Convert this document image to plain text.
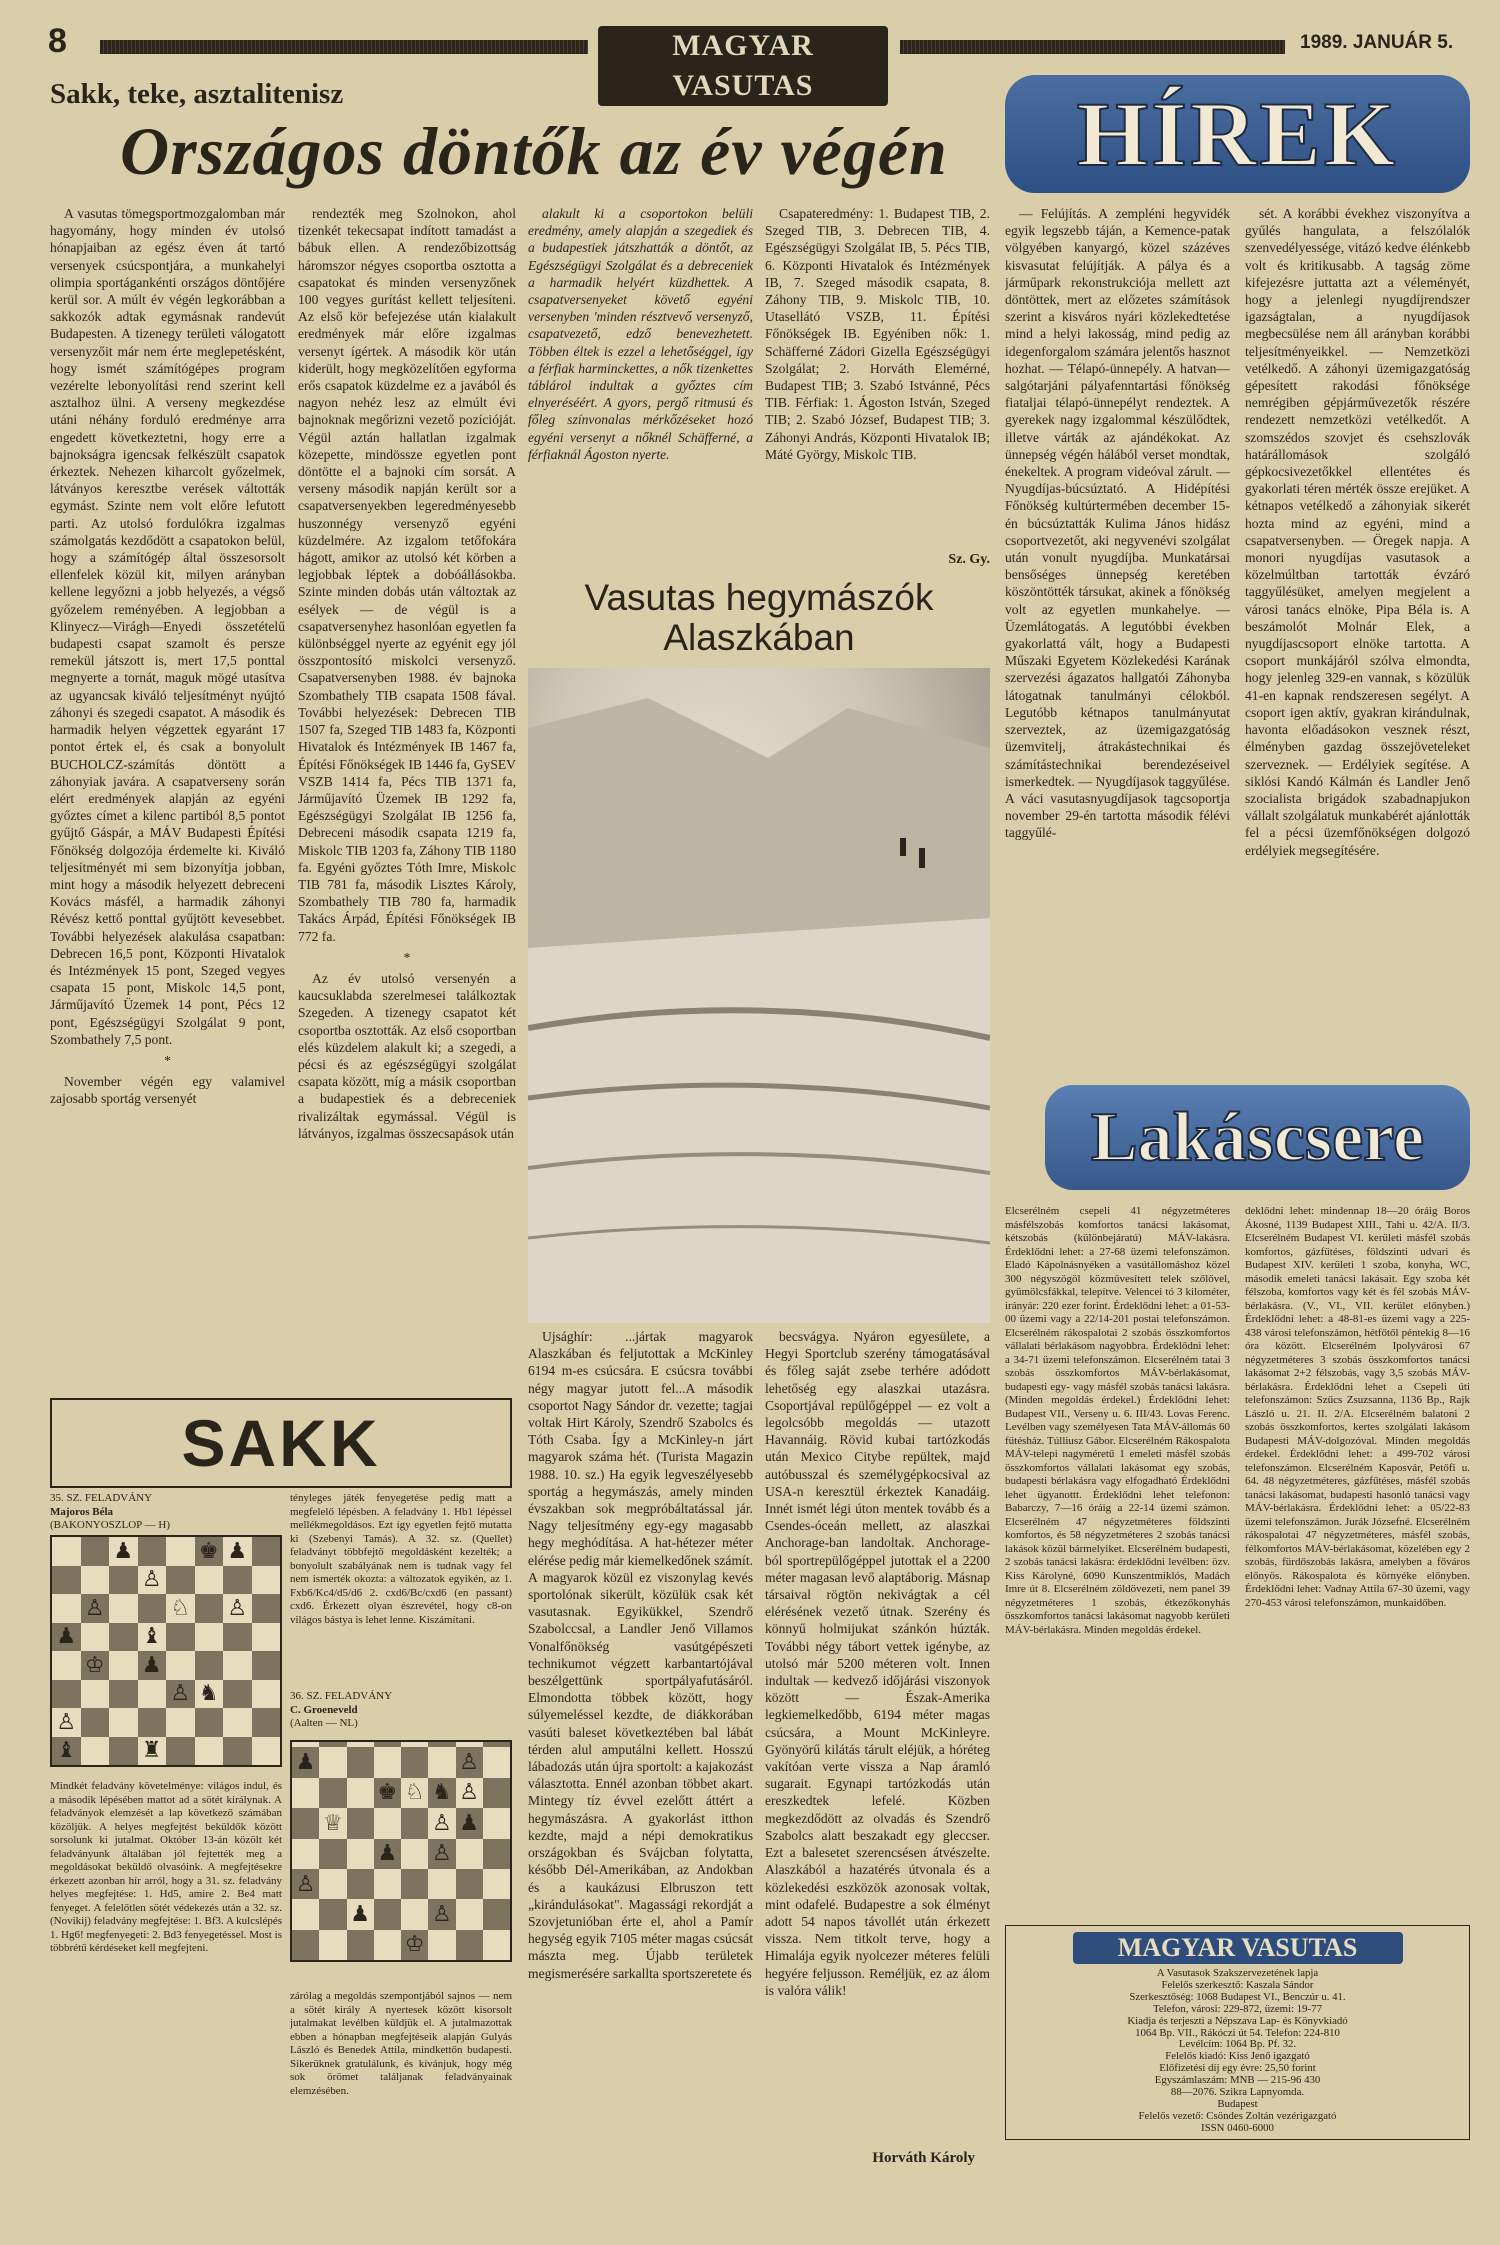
8	MAGYAR VASUTAS
1989. JANUÁR 5.
Sakk, teke, asztalitenisz
Országos döntők az év végén

A vasutas tömegsportmozgalomban már hagyomány, hogy minden év utolsó hónapjaiban az egész éven át tartó versenyek csúcspontjára, a munkahelyi olimpia sportágankénti országos döntőjére kerül sor. A múlt év végén legkorábban a sakkozók adtak egymásnak randevút Budapesten. A tizenegy területi válogatott versenyzőit már nem érte meglepetésként, hogy ismét számítógépes program vezérelte lebonyolítási rend szerint kell asztalhoz ülni. A verseny megkezdése utáni néhány forduló eredménye arra engedett következtetni, hogy erre a bajnokságra igencsak felkészült csapatok érkeztek. Nehezen kiharcolt győzelmek, látványos keresztbe verések váltották egymást. Szinte nem volt előre lefutott parti. Az utolsó fordulókra izgalmas számolgatás kezdődött a csapatokon belül, hogy a számítógép által összesorsolt ellenfelek közül kit, milyen arányban kellene legyőzni a jobb helyezés, a végső győzelem reményében. A legjobban a Klinyecz—Virágh—Enyedi összetételű budapesti csapat szamolt és persze remekül játszott is, mert 17,5 ponttal megnyerte a tornát, maguk mögé utasítva az ugyancsak kiváló teljesítményt nyújtó záhonyi és szegedi csapatot. A második és harmadik helyen végzettek egyaránt 17 pontot értek el, és csak a bonyolult BUCHOLCZ-számítás döntött a záhonyiak javára. A csapatverseny során elért eredmények alapján az egyéni győztes címet a kilenc partiból 8,5 pontot gyűjtő Gáspár, a MÁV Budapesti Építési Főnökség dolgozója érdemelte ki. Kiváló teljesítményét mi sem bizonyítja jobban, mint hogy a második helyezett debreceni Kovács másfél, a harmadik záhonyi Révész kettő ponttal gyűjtött kevesebbet. További helyezések alakulása csapatban: Debrecen 16,5 pont, Központi Hivatalok és Intézmények 15 pont, Szeged vegyes csapata 15 pont, Miskolc 14,5 pont, Járműjavító Üzemek 14 pont, Pécs 12 pont, Egészségügyi Szolgálat 9 pont, Szombathely 7,5 pont.

*

November végén egy valamivel zajosabb sportág versenyét

rendezték meg Szolnokon, ahol tizenkét tekecsapat indított tamadást a bábuk ellen. A rendezőbizottság háromszor négyes csoportba osztotta a csapatokat és minden versenyzőnek 100 vegyes gurítást kellett teljesíteni. Az első kör befejezése után kialakult eredmények már előre izgalmas versenyt ígértek. A második kör után kiderült, hogy megközelítően egyforma erős csapatok küzdelme ez a javából és nagyon nehéz lesz az elmúlt évi bajnoknak megőrizni vezető pozícióját. Végül aztán hallatlan izgalmak közepette, mindössze egyetlen pont döntötte el a bajnoki cím sorsát. A verseny második napján került sor a csapatversenyekben legeredményesebb huszonnégy versenyző egyéni küzdelmére. Az izgalom tetőfokára hágott, amikor az utolsó két körben a legjobbak léptek a dobóállásokba. Szinte minden dobás után változtak az esélyek — de végül is a csapatversenyhez hasonlóan egyetlen fa különbséggel nyerte az egyénit egy jól összpontosító miskolci versenyző. Csapatversenyben 1988. év bajnoka Szombathely TIB csapata 1508 fával. További helyezések: Debrecen TIB 1507 fa, Szeged TIB 1483 fa, Központi Hivatalok és Intézmények IB 1467 fa, Építési Főnökségek IB 1446 fa, GySEV VSZB 1414 fa, Pécs TIB 1371 fa, Járműjavító Üzemek IB 1292 fa, Egészségügyi Szolgálat IB 1256 fa, Debreceni második csapata 1219 fa, Miskolc TIB 1203 fa, Záhony TIB 1180 fa. Egyéni győztes Tóth Imre, Miskolc TIB 781 fa, második Lisztes Károly, Szombathely TIB 780 fa, harmadik Takács Árpád, Építési Főnökségek IB 772 fa.

*

Az év utolsó versenyén a kaucsuklabda szerelmesei találkoztak Szegeden. A tizenegy csapatot két csoportba osztották. Az első csoportban elés küzdelem alakult ki; a szegedi, a pécsi és az egészségügyi szolgálat csapata között, míg a másik csoportban a budapestiek és a debreceniek rivalizáltak egymással. Végül is látványos, izgalmas összecsapások után

alakult ki a csoportokon belüli eredmény, amely alapján a szegediek és a budapestiek játszhatták a döntőt, az Egészségügyi Szolgálat és a debreceniek a harmadik helyért küzdhettek. A csapatversenyeket követő egyéni versenyben 'minden résztvevő versenyző, csapatvezető, edző benevezhetett. Többen éltek is ezzel a lehetőséggel, így a férfiak harminckettes, a nők tizenkettes táblárol indultak a győztes cím elnyeréséért. A gyors, pergő ritmusú és főleg színvonalas mérkőzéseket hozó egyéni versenyt a nőknél Schäfferné, a férfiaknál Ágoston nyerte.

Csapateredmény: 1. Budapest TIB, 2. Szeged TIB, 3. Debrecen TIB, 4. Egészségügyi Szolgálat IB, 5. Pécs TIB, 6. Központi Hivatalok és Intézmények IB, 7. Szeged második csapata, 8. Záhony TIB, 9. Miskolc TIB, 10. Utasellátó VSZB, 11. Építési Főnökségek IB. Egyéniben nők: 1. Schäfferné Zádori Gizella Egészségügyi Szolgálat; 2. Horváth Elemérné, Budapest TIB; 3. Szabó Istvánné, Pécs TIB. Férfiak: 1. Ágoston István, Szeged TIB; 2. Szabó József, Budapest TIB; 3. Záhonyi András, Központi Hivatalok IB; Máté György, Miskolc TIB.

Sz. Gy.
Vasutas hegymászók
Alaszkában

Ujsághír: ...jártak magyarok Alaszkában és feljutottak a McKinley 6194 m-es csúcsára. E csúcsra további négy magyar jutott fel...A második csoportot Nagy Sándor dr. vezette; tagjai voltak Hirt Károly, Szendrő Szabolcs és Tóth Csaba. Így a McKinley-n járt magyarok száma hét. (Turista Magazin 1988. 10. sz.) Ha egyik legveszélyesebb sportág a hegymászás, amely minden évszakban sok megpróbáltatással jár. Nagy teljesítmény egy-egy magasabb hegy meghódítása. A hat-hétezer méter elérése pedig már kiemelkedőnek számít. A magyarok közül ez viszonylag kevés sportolónak sikerült, közülük csak két vasutasnak. Egyikükkel, Szendrő Szabolccsal, a Landler Jenő Villamos Vonalfőnökség vasútgépészeti technikumot végzett karbantartójával beszélgettünk sportpályafutásáról. Elmondotta többek között, hogy súlyemeléssel kezdte, de diákkorában vasúti baleset következtében bal lábát térden alul amputálni kellett. Hosszú lábadozás után újra sportolt: a kajakozást választotta. Ennél azonban többet akart. Mintegy tíz évvel ezelőtt áttért a hegymászásra. A gyakorlást itthon kezdte, majd a népi demokratikus országokban és Svájcban folytatta, később Dél-Amerikában, az Andokban és a kaukázusi Elbruszon tett „kirándulásokat". Magassági rekordját a Szovjetunióban érte el, ahol a Pamír hegység egyik 7105 méter magas csúcsát mászta meg. Újabb területek megismerésére sarkallta sportszeretete és

becsvágya. Nyáron egyesülete, a Hegyi Sportclub szerény támogatásával és főleg saját zsebe terhére adódott lehetőség egy alaszkai utazásra. Csoportjával repülőgéppel — ez volt a legolcsóbb megoldás — utazott Havannáig. Rövid kubai tartózkodás után Mexico Citybe repültek, majd autóbusszal és személygépkocsival az USA-n keresztül érkeztek Kanadáig. Innét ismét légi úton mentek tovább és a Csendes-óceán mellett, az alaszkai Anchorage-ban landoltak. Anchorage-ból sportrepülőgéppel jutottak el a 2200 méter magasan levő alaptáborig. Másnap társaival rögtön nekivágtak a cél elérésének vezető útnak. Szerény és könnyű holmijukat szánkón húzták. További négy tábort vettek igénybe, az utolsó már 5200 méteren volt. Innen indultak — kedvező időjárási viszonyok között — Észak-Amerika legkiemelkedőbb, 6194 méter magas csúcsára, a Mount McKinleyre. Gyönyörű kilátás tárult eléjük, a hóréteg vakítóan verte vissza a Nap áramló sugarait. Egynapi tartózkodás után ereszkedtek lefelé. Közben megkezdődött az olvadás és Szendrő Szabolcs alatt beszakadt egy gleccser. Ezt a balesetet szerencsésen átvészelte. Alaszkából a hazatérés útvonala és a közlekedési eszközök azonosak voltak, mint odafelé. Budapestre a sok élményt adott 54 napos távollét után érkezett vissza. Nem titkolt terve, hogy a Himalája egyik nyolcezer méteres felüli hegyére feljusson. Reméljük, ez az álom is valóra válik!

Horváth Károly
SAKK
35. SZ. FELADVÁNY
Majoros Béla
(BAKONYOSZLOP — H)
♟	♚ ♟
♙
♙	♘ ♙
♟	♝
♔ ♟
♙ ♞
♙
♝	♜
Mindkét feladvány követelménye: világos indul, és a második lépésében mattot ad a sötét királynak. A feladványok elemzését a lap következő számában közöljük. A helyes megfejtést beküldők között sorsolunk ki jutalmat. Október 13-án közölt két feladványunk általában jól fejtették meg a megoldásokat beküldő olvasóink. A megfejtésekre érkezett azonban hír arról, hogy a 31. sz. feladvány helyes megfejtése: 1. Hd5, amire 2. Be4 matt fenyeget. A felelőtlen sötét védekezés után a 32. sz. (Novikij) feladvány megfejtése: 1. Bf3. A kulcslépés 1. Hg6! megfenyegeti: 2. Bd3 fenyegetéssel. Most is többrétű kérdéseket kell megfejteni.
tényleges játék fenyegetése pedig matt a megfelelő lépésben. A feladvány 1. Hb1 lépéssel mellékmegoldásos. Ezt így egyetlen fejtő mutatta ki (Szebenyi Tamás). A 32. sz. (Quellet) feladványt többfejtő megoldásként kezelték; a bonyolult szabályának nem is tudnak vagy fel nem ismerték okozta: a változatok egyikén, az 1. Fxb6/Kc4/d5/d6 2. cxd6/Bc/cxd6 (en passant) cxd6. Érkezett olyan észrevétel, hogy c8-on világos bástya is lehet lenne. Kiszámítani.
36. SZ. FELADVÁNY
C. Groeneveld
(Aalten — NL)
♟	♙
♚ ♘ ♞ ♙
♕	♙ ♟
♟ ♙
♙
♟	♙
♔
zárólag a megoldás szempontjából sajnos — nem a sötét király A nyertesek között kisorsolt jutalmakat levélben küldjük el. A jutalmazottak ebben a hónapban megfejtéseik alapján Gulyás László és Benedek Attila, mindkettőn budapesti. Sikerüknek gratulálunk, és kívánjuk, hogy még sok örömet találjanak feladványainak elemzésében.
HÍREK

— Felújítás. A zempléni hegyvidék egyik legszebb táján, a Kemence-patak völgyében kanyargó, közel százéves kisvasutat felújítják. A pálya és a járműpark rekonstrukciója mellett azt döntöttek, mert az előzetes számítások szerint a kisváros nyári közlekedtetése mind a helyi lakosság, mind pedig az idegenforgalom számára jelentős hasznot hozhat. — Télapó-ünnepély. A hatvan—salgótarjáni pályafenntartási főnökség fiataljai télapó-ünnepélyt rendeztek. A gyerekek nagy izgalommal készülődtek, illetve várták az ajándékokat. Az ünnepség végén hálából verset mondtak, énekeltek. A program videóval zárult. — Nyugdíjas-búcsúztató. A Hidépítési Főnökség kultúrtermében december 15-én búcsúztatták Kulima János hidász csoportvezetőt, aki negyvenévi szolgálat után vonult nyugdíjba. Munkatársai bensőséges ünnepség keretében köszöntötték társukat, akinek a főnökség volt az egyetlen munkahelye. — Üzemlátogatás. A legutóbbi években gyakorlattá vált, hogy a Budapesti Műszaki Egyetem Közlekedési Karának szervezési ágazatos hallgatói Záhonyba látogatnak tanulmányi célokból. Legutóbb kétnapos tanulmányutat szerveztek, az üzemigazgatóság üzemvitelj, átrakástechnikai és számítástechnikai berendezéseivel ismerkedtek. — Nyugdíjasok taggyűlése. A váci vasutasnyugdíjasok tagcsoportja november 29-én tartotta második félévi taggyűlé-

sét. A korábbi évekhez viszonyítva a gyűlés hangulata, a felszólalók szenvedélyessége, vitázó kedve élénkebb volt és kritikusabb. A tagság zöme kifejezésre juttatta azt a véleményét, hogy a jelenlegi nyugdíjrendszer igazságtalan, a nyugdíjasok megbecsülése nem áll arányban korábbi teljesítményeikkel. — Nemzetközi vetélkedő. A záhonyi üzemigazgatóság gépesített rakodási főnöksége nemrégiben gépjárművezetők részére rendezett nemzetközi vetélkedőt. A szomszédos szovjet és csehszlovák határállomások szolgáló gépkocsivezetőkkel ellentétes és gyakorlati téren mérték össze erejüket. A kétnapos vetélkedő a záhonyiak sikerét hozta mind az egyéni, mind a csapatversenyben. — Öregek napja. A monori nyugdíjas vasutasok a közelmúltban tartották évzáró taggyűlésüket, amelyen megjelent a városi tanács elnöke, Pipa Béla is. A beszámolót Molnár Elek, a nyugdíjascsoport elnöke tartotta. A csoport munkájáról szólva elmondta, hogy jelenleg 329-en vannak, s közülük 41-en kapnak rendszeresen segélyt. A csoport igen aktív, gyakran kirándulnak, havonta előadásokon vesznek részt, élményben gazdag összejöveteleket szerveznek. — Erdélyiek segítése. A siklósi Kandó Kálmán és Landler Jenő szocialista brigádok szabadnapjukon vállalt szolgálatuk munkabérét ajánlották fel a pécsi üzemfőnökségen dolgozó erdélyiek megsegítésére.

Lakáscsere
Elcserélném csepeli 41 négyzetméteres másfélszobás komfortos tanácsi lakásomat, kétszobás (különbejáratú) MÁV-lakásra. Érdeklődni lehet: a 27-68 üzemi telefonszámon. Eladó Kápolnásnyéken a vasútállomáshoz közel 300 négyszögöl közművesített telek szőlővel, gyümölcsfákkal, telepítve. Velencei tó 3 kilométer, irányár: 220 ezer forint. Érdeklődni lehet: a 01-53-00 üzemi vagy a 22/14-201 postai telefonszámon. Elcserélném rákospalotai 2 szobás összkomfortos vállalati bérlakásom nagyobbra. Érdeklődni lehet: a 34-71 üzemi telefonszámon. Elcserélném tatai 3 szobás összkomfortos MÁV-bérlakásomat, budapesti egy- vagy másfél szobás tanácsi lakásra. (Minden megoldás érdekel.) Érdeklődni lehet: Budapest VII., Verseny u. 6. III/43. Lovas Ferenc. Levélben vagy személyesen Tata MÁV-állomás 60 fűtésház. Túlliusz Gábor. Elcserélném Rákospalota MÁV-telepi nagyméretű 1 emeleti másfél szobás összkomfortos vállalati lakásomat egy szobás, budapesti bérlakásra vagy elfogadható Érdeklődni lehet ügyanottt. Érdeklődni lehet telefonon: Babarczy, 7—16 óráig a 22-14 üzemi számon. Elcserélném 47 négyzetméteres földszinti komfortos, és 58 négyzetméteres 2 szobás tanácsi lakások közül bármelyiket. Elcserélném budapesti, 2 szobás tanácsi lakásra: érdeklődni levélben: özv. Kiss Károlyné, 6090 Kunszentmiklós, Madách Imre út 8. Elcserélném zöldövezeti, nem panel 39 négyzetméteres 1 szobás, étkezőkonyhás összkomfortos tanácsi lakásomat nagyobb kerületi MÁV-bérlakásra. Minden megoldás érdekel.
deklődni lehet: mindennap 18—20 óráig Boros Ákosné, 1139 Budapest XIII., Tahi u. 42/A. II/3. Elcserélném Budapest VI. kerületi másfél szobás komfortos, gázfűtéses, földszinti udvari és Budapest XIV. kerületi 1 szoba, konyha, WC, második emeleti tanácsi lakásait. Egy szoba két félszoba, komfortos vagy két és fél szobás MÁV-bérlakásra. (V., VI., VII. kerület előnyben.) Érdeklődni lehet: a 48-81-es üzemi vagy a 225-438 városi telefonszámon, hétfőtől péntekig 8—16 óra között. Elcserélném Ipolyvárosi 67 négyzetméteres 3 szobás összkomfortos tanácsi lakásomat 2+2 félszobás, vagy 3,5 szobás MÁV-bérlakásra. Érdeklődni lehet a Csepeli úti telefonszámon: Szűcs Zsuzsanna, 1136 Bp., Rajk László u. 21. II. 2/A. Elcserélném balatoni 2 szobás összkomfortos, kertes szolgálati lakásom Budapesti MÁV-dolgozóval. Minden megoldás érdekel. Érdeklődni lehet: a 499-702 városi telefonszámon. Elcserélném Kaposvár, Petőfi u. 64. 48 négyzetméteres, gázfűtéses, másfél szobás tanácsi lakásomat, budapesti hasonló tanácsi vagy MÁV-bérlakásra. Érdeklődni lehet: a 05/22-83 üzemi telefonszámon. Jurák Józsefné. Elcserélném rákospalotai 47 négyzetméteres, másfél szobás, félkomfortos MÁV-bérlakásomat, közelében egy 2 szobás, fürdőszobás lakásra, amelyben a főváros előnyös. Rákospalota és környéke előnyben. Érdeklődni lehet: Vadnay Attila 67-30 üzemi, vagy 270-453 városi telefonszámon, munkaidőben.
MAGYAR VASUTAS
A Vasutasok Szakszervezetének lapja
Felelős szerkesztő: Kaszala Sándor
Szerkesztőség: 1068 Budapest VI., Benczúr u. 41.
Telefon, városi: 229-872, üzemi: 19-77
Kiadja és terjeszti a Népszava Lap- és Könyvkiadó
1064 Bp. VII., Rákóczi út 54. Telefon: 224-810
Levélcím: 1064 Bp. Pf. 32.
Felelős kiadó: Kiss Jenő igazgató
Előfizetési díj egy évre: 25,50 forint
Egyszámlaszám: MNB — 215-96 430
88—2076. Szikra Lapnyomda.
Budapest
Felelős vezető: Csöndes Zoltán vezérigazgató
ISSN 0460-6000
